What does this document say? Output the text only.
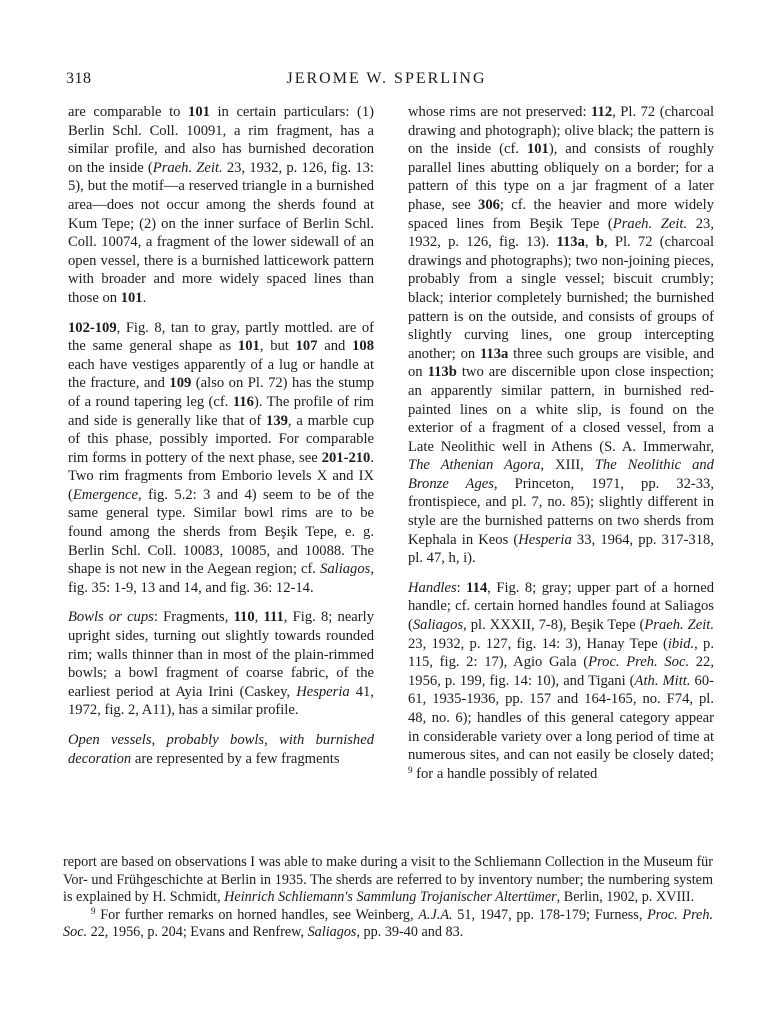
318	JEROME W. SPERLING

are comparable to 101 in certain particulars: (1) Berlin Schl. Coll. 10091, a rim fragment, has a similar profile, and also has burnished decoration on the inside (Praeh. Zeit. 23, 1932, p. 126, fig. 13: 5), but the motif—a reserved triangle in a burnished area—does not occur among the sherds found at Kum Tepe; (2) on the inner surface of Berlin Schl. Coll. 10074, a fragment of the lower sidewall of an open vessel, there is a burnished latticework pattern with broader and more widely spaced lines than those on 101.

102-109, Fig. 8, tan to gray, partly mottled. are of the same general shape as 101, but 107 and 108 each have vestiges apparently of a lug or handle at the fracture, and 109 (also on Pl. 72) has the stump of a round tapering leg (cf. 116). The profile of rim and side is generally like that of 139, a marble cup of this phase, possibly imported. For comparable rim forms in pottery of the next phase, see 201-210. Two rim fragments from Emborio levels X and IX (Emergence, fig. 5.2: 3 and 4) seem to be of the same general type. Similar bowl rims are to be found among the sherds from Beşik Tepe, e. g. Berlin Schl. Coll. 10083, 10085, and 10088. The shape is not new in the Aegean region; cf. Saliagos, fig. 35: 1-9, 13 and 14, and fig. 36: 12-14.

Bowls or cups: Fragments, 110, 111, Fig. 8; nearly upright sides, turning out slightly towards rounded rim; walls thinner than in most of the plain-rimmed bowls; a bowl fragment of coarse fabric, of the earliest period at Ayia Irini (Caskey, Hesperia 41, 1972, fig. 2, A11), has a similar profile.

Open vessels, probably bowls, with burnished decoration are represented by a few fragments

whose rims are not preserved: 112, Pl. 72 (charcoal drawing and photograph); olive black; the pattern is on the inside (cf. 101), and consists of roughly parallel lines abutting obliquely on a border; for a pattern of this type on a jar fragment of a later phase, see 306; cf. the heavier and more widely spaced lines from Beşik Tepe (Praeh. Zeit. 23, 1932, p. 126, fig. 13). 113a, b, Pl. 72 (charcoal drawings and photographs); two non-joining pieces, probably from a single vessel; biscuit crumbly; black; interior completely burnished; the burnished pattern is on the outside, and consists of groups of slightly curving lines, one group intercepting another; on 113a three such groups are visible, and on 113b two are discernible upon close inspection; an apparently similar pattern, in burnished red-painted lines on a white slip, is found on the exterior of a fragment of a closed vessel, from a Late Neolithic well in Athens (S. A. Immerwahr, The Athenian Agora, XIII, The Neolithic and Bronze Ages, Princeton, 1971, pp. 32-33, frontispiece, and pl. 7, no. 85); slightly different in style are the burnished patterns on two sherds from Kephala in Keos (Hesperia 33, 1964, pp. 317-318, pl. 47, h, i).

Handles: 114, Fig. 8; gray; upper part of a horned handle; cf. certain horned handles found at Saliagos (Saliagos, pl. XXXII, 7-8), Beşik Tepe (Praeh. Zeit. 23, 1932, p. 127, fig. 14: 3), Hanay Tepe (ibid., p. 115, fig. 2: 17), Agio Gala (Proc. Preh. Soc. 22, 1956, p. 199, fig. 14: 10), and Tigani (Ath. Mitt. 60-61, 1935-1936, pp. 157 and 164-165, no. F74, pl. 48, no. 6); handles of this general category appear in considerable variety over a long period of time at numerous sites, and can not easily be closely dated; $^9$ for a handle possibly of related

report are based on observations I was able to make during a visit to the Schliemann Collection in the Museum für Vor- und Frühgeschichte at Berlin in 1935. The sherds are referred to by inventory number; the numbering system is explained by H. Schmidt, Heinrich Schliemann's Sammlung Trojanischer Altertümer, Berlin, 1902, p. XVIII.

$^9$ For further remarks on horned handles, see Weinberg, A.J.A. 51, 1947, pp. 178-179; Furness, Proc. Preh. Soc. 22, 1956, p. 204; Evans and Renfrew, Saliagos, pp. 39-40 and 83.
